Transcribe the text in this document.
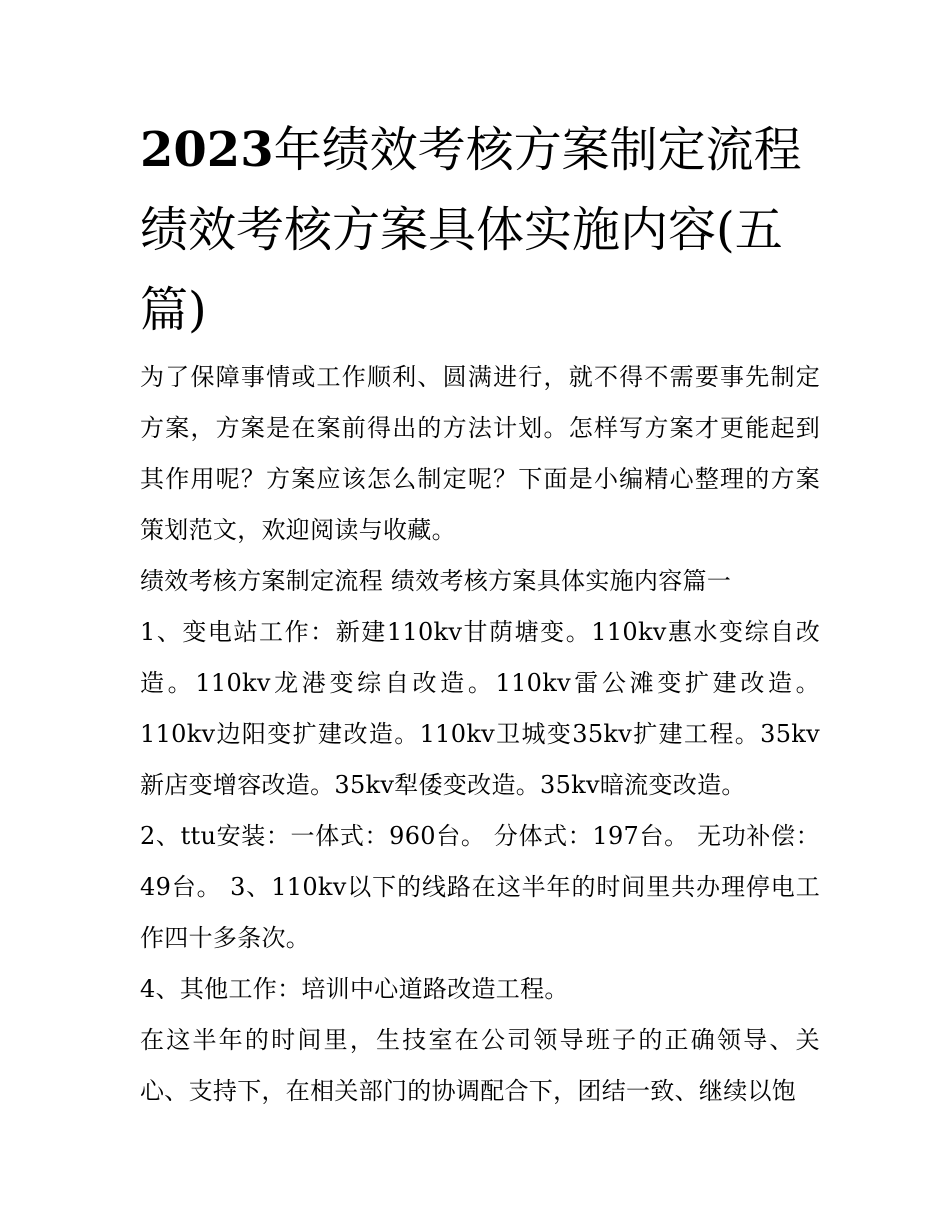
2023年绩效考核方案制定流程绩效考核方案具体实施内容(五篇)

为了保障事情或工作顺利、圆满进行，就不得不需要事先制定方案，方案是在案前得出的方法计划。怎样写方案才更能起到其作用呢？方案应该怎么制定呢？下面是小编精心整理的方案策划范文，欢迎阅读与收藏。

绩效考核方案制定流程 绩效考核方案具体实施内容篇一

1、变电站工作：新建110kv甘荫塘变。110kv惠水变综自改造。110kv龙港变综自改造。110kv雷公滩变扩建改造。110kv边阳变扩建改造。110kv卫城变35kv扩建工程。35kv新店变增容改造。35kv犁倭变改造。35kv暗流变改造。

2、ttu安装：一体式：960台。 分体式：197台。 无功补偿：49台。 3、110kv以下的线路在这半年的时间里共办理停电工作四十多条次。

4、其他工作：培训中心道路改造工程。

在这半年的时间里，生技室在公司领导班子的正确领导、关心、支持下，在相关部门的协调配合下，团结一致、继续以饱
